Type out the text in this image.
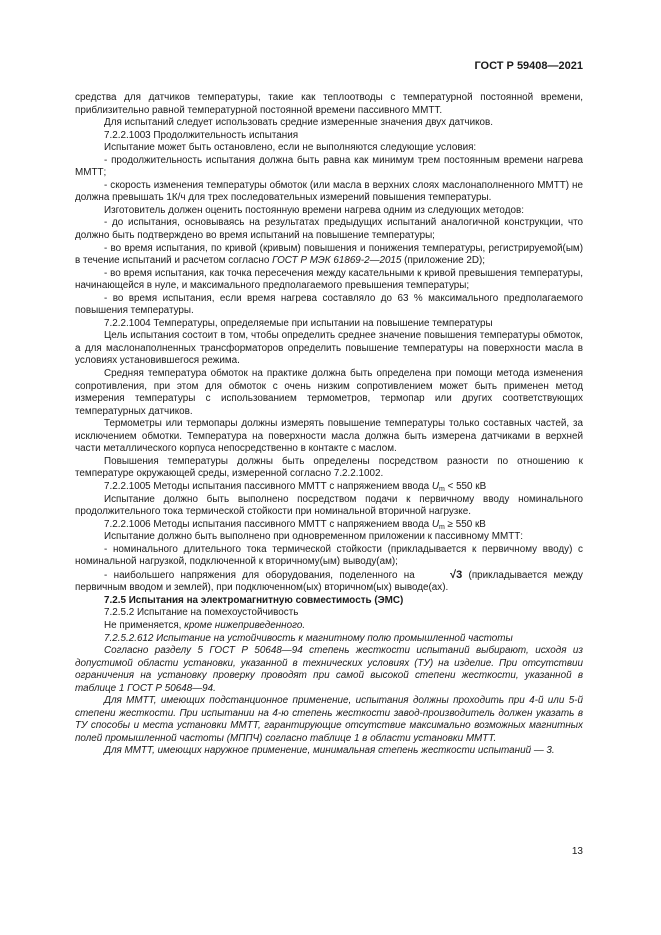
ГОСТ Р 59408—2021

средства для датчиков температуры, такие как теплоотводы с температурной постоянной времени, приблизительно равной температурной постоянной времени пассивного ММТТ.

Для испытаний следует использовать средние измеренные значения двух датчиков.

7.2.2.1003 Продолжительность испытания

Испытание может быть остановлено, если не выполняются следующие условия:

- продолжительность испытания должна быть равна как минимум трем постоянным времени нагрева ММТТ;

- скорость изменения температуры обмоток (или масла в верхних слоях маслонаполненного ММТТ) не должна превышать 1К/ч для трех последовательных измерений повышения температуры.

Изготовитель должен оценить постоянную времени нагрева одним из следующих методов:

- до испытания, основываясь на результатах предыдущих испытаний аналогичной конструкции, что должно быть подтверждено во время испытаний на повышение температуры;

- во время испытания, по кривой (кривым) повышения и понижения температуры, регистрируемой(ым) в течение испытаний и расчетом согласно ГОСТ Р МЭК 61869-2—2015 (приложение 2D);

- во время испытания, как точка пересечения между касательными к кривой превышения температуры, начинающейся в нуле, и максимального предполагаемого превышения температуры;

- во время испытания, если время нагрева составляло до 63 % максимального предполагаемого повышения температуры.

7.2.2.1004 Температуры, определяемые при испытании на повышение температуры

Цель испытания состоит в том, чтобы определить среднее значение повышения температуры обмоток, а для маслонаполненных трансформаторов определить повышение температуры на поверхности масла в условиях установившегося режима.

Средняя температура обмоток на практике должна быть определена при помощи метода изменения сопротивления, при этом для обмоток с очень низким сопротивлением может быть применен метод измерения температуры с использованием термометров, термопар или других соответствующих температурных датчиков.

Термометры или термопары должны измерять повышение температуры только составных частей, за исключением обмотки. Температура на поверхности масла должна быть измерена датчиками в верхней части металлического корпуса непосредственно в контакте с маслом.

Повышения температуры должны быть определены посредством разности по отношению к температуре окружающей среды, измеренной согласно 7.2.2.1002.

7.2.2.1005 Методы испытания пассивного ММТТ с напряжением ввода $U_m < 550$ кВ

Испытание должно быть выполнено посредством подачи к первичному вводу номинального продолжительного тока термической стойкости при номинальной вторичной нагрузке.

7.2.2.1006 Методы испытания пассивного ММТТ с напряжением ввода $U_m \ge 550$ кВ

Испытание должно быть выполнено при одновременном приложении к пассивному ММТТ:

- номинального длительного тока термической стойкости (прикладывается к первичному вводу) с номинальной нагрузкой, подключенной к вторичному(ым) выводу(ам);

- наибольшего напряжения для оборудования, поделенного на	√3 (прикладывается между первичным вводом и землей), при подключенном(ых) вторичном(ых) выводе(ах).

7.2.5 Испытания на электромагнитную совместимость (ЭМС)

7.2.5.2 Испытание на помехоустойчивость

Не применяется, кроме нижеприведенного.

7.2.5.2.612 Испытание на устойчивость к магнитному полю промышленной частоты

Согласно разделу 5 ГОСТ Р 50648—94 степень жесткости испытаний выбирают, исходя из допустимой области установки, указанной в технических условиях (ТУ) на изделие. При отсутствии ограничения на установку проверку проводят при самой высокой степени жесткости, указанной в таблице 1 ГОСТ Р 50648—94.

Для ММТТ, имеющих подстанционное применение, испытания должны проходить при 4-й или 5-й степени жесткости. При испытании на 4-ю степень жесткости завод-производитель должен указать в ТУ способы и места установки ММТТ, гарантирующие отсутствие максимально возможных магнитных полей промышленной частоты (МППЧ) согласно таблице 1 в области установки ММТТ.

Для ММТТ, имеющих наружное применение, минимальная степень жесткости испытаний — 3.

13
